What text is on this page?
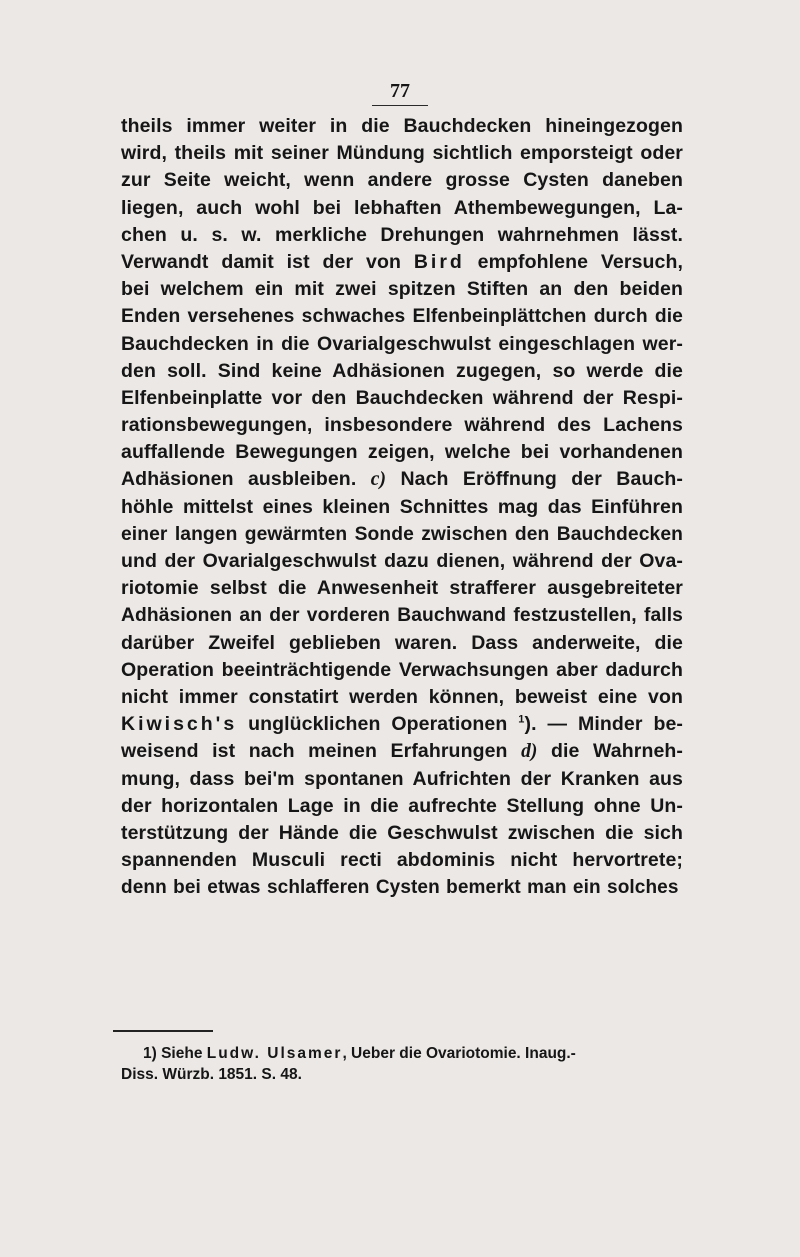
77
theils immer weiter in die Bauchdecken hineingezogen
wird, theils mit seiner Mündung sichtlich emporsteigt oder
zur Seite weicht, wenn andere grosse Cysten daneben
liegen, auch wohl bei lebhaften Athembewegungen, La-
chen u. s. w. merkliche Drehungen wahrnehmen lässt.
Verwandt damit ist der von Bird empfohlene Versuch,
bei welchem ein mit zwei spitzen Stiften an den beiden
Enden versehenes schwaches Elfenbeinplättchen durch die
Bauchdecken in die Ovarialgeschwulst eingeschlagen wer-
den soll. Sind keine Adhäsionen zugegen, so werde die
Elfenbeinplatte vor den Bauchdecken während der Respi-
rationsbewegungen, insbesondere während des Lachens
auffallende Bewegungen zeigen, welche bei vorhandenen
Adhäsionen ausbleiben. c) Nach Eröffnung der Bauch-
höhle mittelst eines kleinen Schnittes mag das Einführen
einer langen gewärmten Sonde zwischen den Bauchdecken
und der Ovarialgeschwulst dazu dienen, während der Ova-
riotomie selbst die Anwesenheit strafferer ausgebreiteter
Adhäsionen an der vorderen Bauchwand festzustellen, falls
darüber Zweifel geblieben waren. Dass anderweite, die
Operation beeinträchtigende Verwachsungen aber dadurch
nicht immer constatirt werden können, beweist eine von
Kiwisch's unglücklichen Operationen $^1$). — Minder be-
weisend ist nach meinen Erfahrungen d) die Wahrneh-
mung, dass bei'm spontanen Aufrichten der Kranken aus
der horizontalen Lage in die aufrechte Stellung ohne Un-
terstützung der Hände die Geschwulst zwischen die sich
spannenden Musculi recti abdominis nicht hervortrete;
denn bei etwas schlafferen Cysten bemerkt man ein solches
1) Siehe Ludw. Ulsamer, Ueber die Ovariotomie. Inaug.-
Diss. Würzb. 1851. S. 48.
